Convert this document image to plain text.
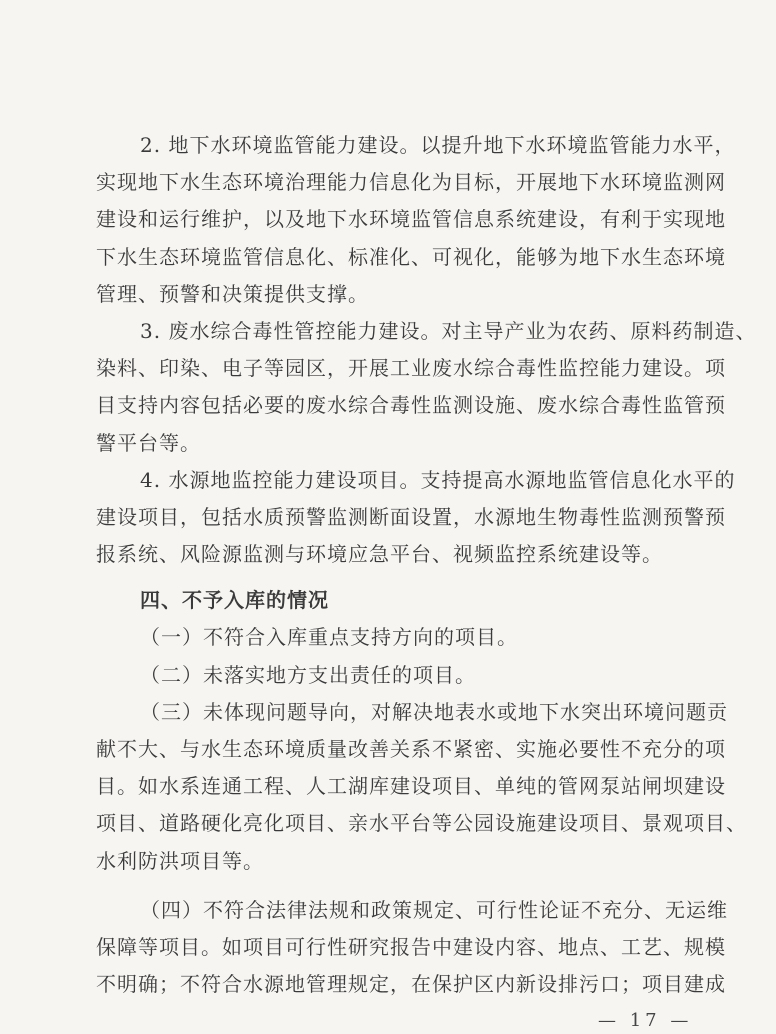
2. 地下水环境监管能力建设。以提升地下水环境监管能力水平，
实现地下水生态环境治理能力信息化为目标，开展地下水环境监测网
建设和运行维护，以及地下水环境监管信息系统建设，有利于实现地
下水生态环境监管信息化、标准化、可视化，能够为地下水生态环境
管理、预警和决策提供支撑。
3. 废水综合毒性管控能力建设。对主导产业为农药、原料药制造、
染料、印染、电子等园区，开展工业废水综合毒性监控能力建设。项
目支持内容包括必要的废水综合毒性监测设施、废水综合毒性监管预
警平台等。
4. 水源地监控能力建设项目。支持提高水源地监管信息化水平的
建设项目，包括水质预警监测断面设置，水源地生物毒性监测预警预
报系统、风险源监测与环境应急平台、视频监控系统建设等。
四、不予入库的情况
（一）不符合入库重点支持方向的项目。
（二）未落实地方支出责任的项目。
（三）未体现问题导向，对解决地表水或地下水突出环境问题贡
献不大、与水生态环境质量改善关系不紧密、实施必要性不充分的项
目。如水系连通工程、人工湖库建设项目、单纯的管网泵站闸坝建设
项目、道路硬化亮化项目、亲水平台等公园设施建设项目、景观项目、
水利防洪项目等。
（四）不符合法律法规和政策规定、可行性论证不充分、无运维
保障等项目。如项目可行性研究报告中建设内容、地点、工艺、规模
不明确；不符合水源地管理规定，在保护区内新设排污口；项目建成
— 17 —
